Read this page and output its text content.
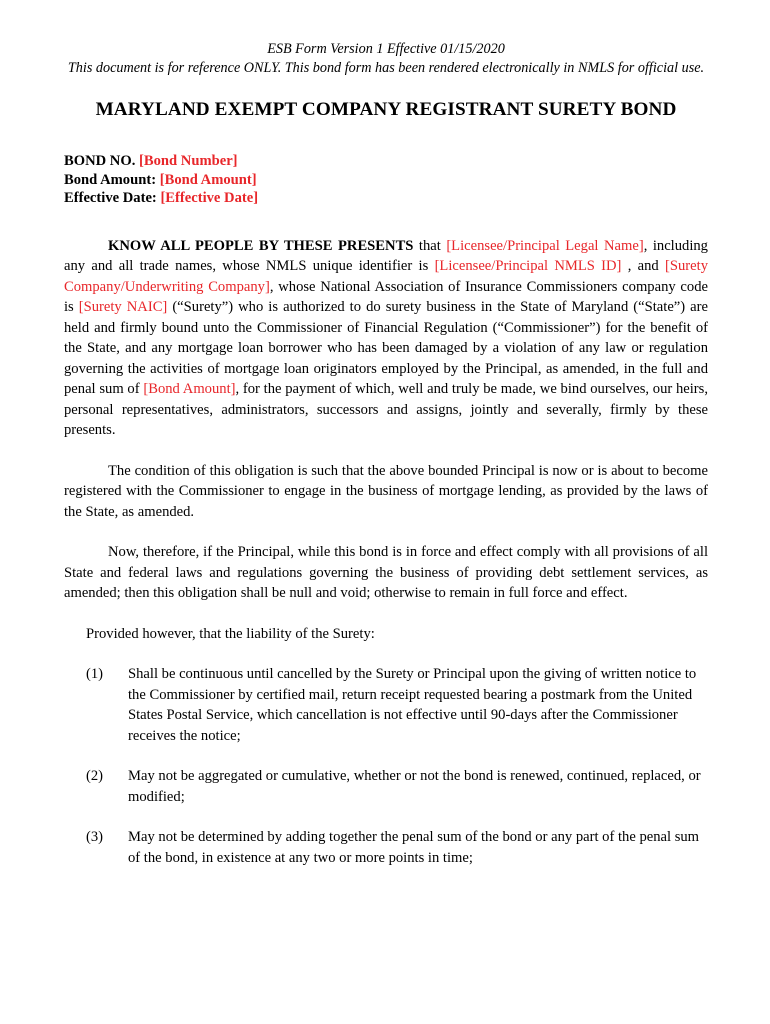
ESB Form Version 1 Effective 01/15/2020

This document is for reference ONLY. This bond form has been rendered electronically in NMLS for official use.

MARYLAND EXEMPT COMPANY REGISTRANT SURETY BOND
BOND NO. [Bond Number]
Bond Amount: [Bond Amount]
Effective Date: [Effective Date]

KNOW ALL PEOPLE BY THESE PRESENTS that [Licensee/Principal Legal Name], including any and all trade names, whose NMLS unique identifier is [Licensee/Principal NMLS ID] , and [Surety Company/Underwriting Company], whose National Association of Insurance Commissioners company code is [Surety NAIC] (“Surety”) who is authorized to do surety business in the State of Maryland (“State”) are held and firmly bound unto the Commissioner of Financial Regulation (“Commissioner”) for the benefit of the State, and any mortgage loan borrower who has been damaged by a violation of any law or regulation governing the activities of mortgage loan originators employed by the Principal, as amended, in the full and penal sum of [Bond Amount], for the payment of which, well and truly be made, we bind ourselves, our heirs, personal representatives, administrators, successors and assigns, jointly and severally, firmly by these presents.

The condition of this obligation is such that the above bounded Principal is now or is about to become registered with the Commissioner to engage in the business of mortgage lending, as provided by the laws of the State, as amended.

Now, therefore, if the Principal, while this bond is in force and effect comply with all provisions of all State and federal laws and regulations governing the business of providing debt settlement services, as amended; then this obligation shall be null and void; otherwise to remain in full force and effect.

Provided however, that the liability of the Surety:

(1)	Shall be continuous until cancelled by the Surety or Principal upon the giving of written notice to the Commissioner by certified mail, return receipt requested bearing a postmark from the United States Postal Service, which cancellation is not effective until 90-days after the Commissioner receives the notice;
(2)	May not be aggregated or cumulative, whether or not the bond is renewed, continued, replaced, or modified;
(3)	May not be determined by adding together the penal sum of the bond or any part of the penal sum of the bond, in existence at any two or more points in time;
